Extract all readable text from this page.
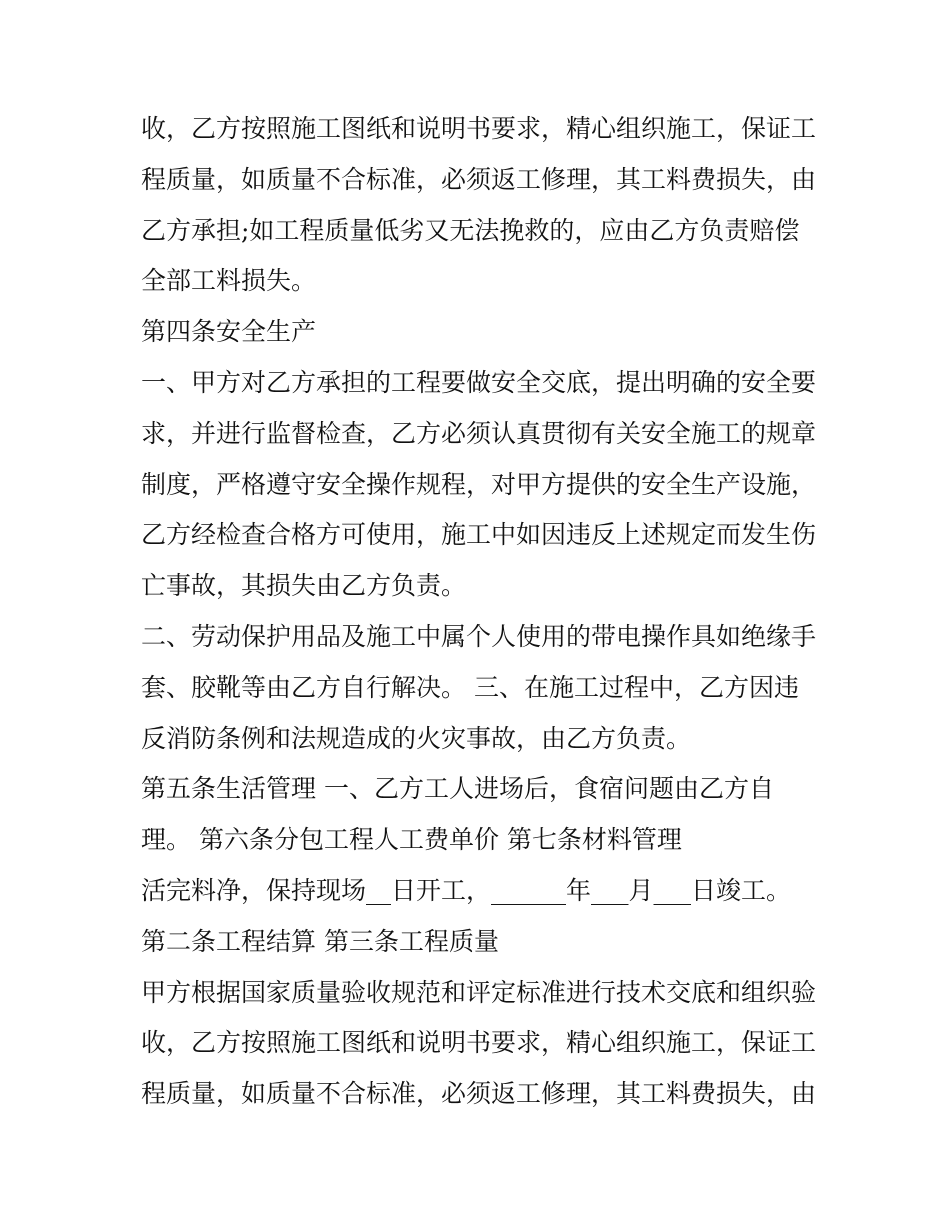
收，乙方按照施工图纸和说明书要求，精心组织施工，保证工
程质量，如质量不合标准，必须返工修理，其工料费损失，由
乙方承担;如工程质量低劣又无法挽救的，应由乙方负责赔偿
全部工料损失。
第四条安全生产
一、甲方对乙方承担的工程要做安全交底，提出明确的安全要
求，并进行监督检查，乙方必须认真贯彻有关安全施工的规章
制度，严格遵守安全操作规程，对甲方提供的安全生产设施，
乙方经检查合格方可使用，施工中如因违反上述规定而发生伤
亡事故，其损失由乙方负责。
二、劳动保护用品及施工中属个人使用的带电操作具如绝缘手
套、胶靴等由乙方自行解决。 三、在施工过程中，乙方因违
反消防条例和法规造成的火灾事故，由乙方负责。
第五条生活管理 一、乙方工人进场后，食宿问题由乙方自
理。 第六条分包工程人工费单价 第七条材料管理
活完料净，保持现场__日开工，______年___月___日竣工。
第二条工程结算 第三条工程质量
甲方根据国家质量验收规范和评定标准进行技术交底和组织验
收，乙方按照施工图纸和说明书要求，精心组织施工，保证工
程质量，如质量不合标准，必须返工修理，其工料费损失，由
